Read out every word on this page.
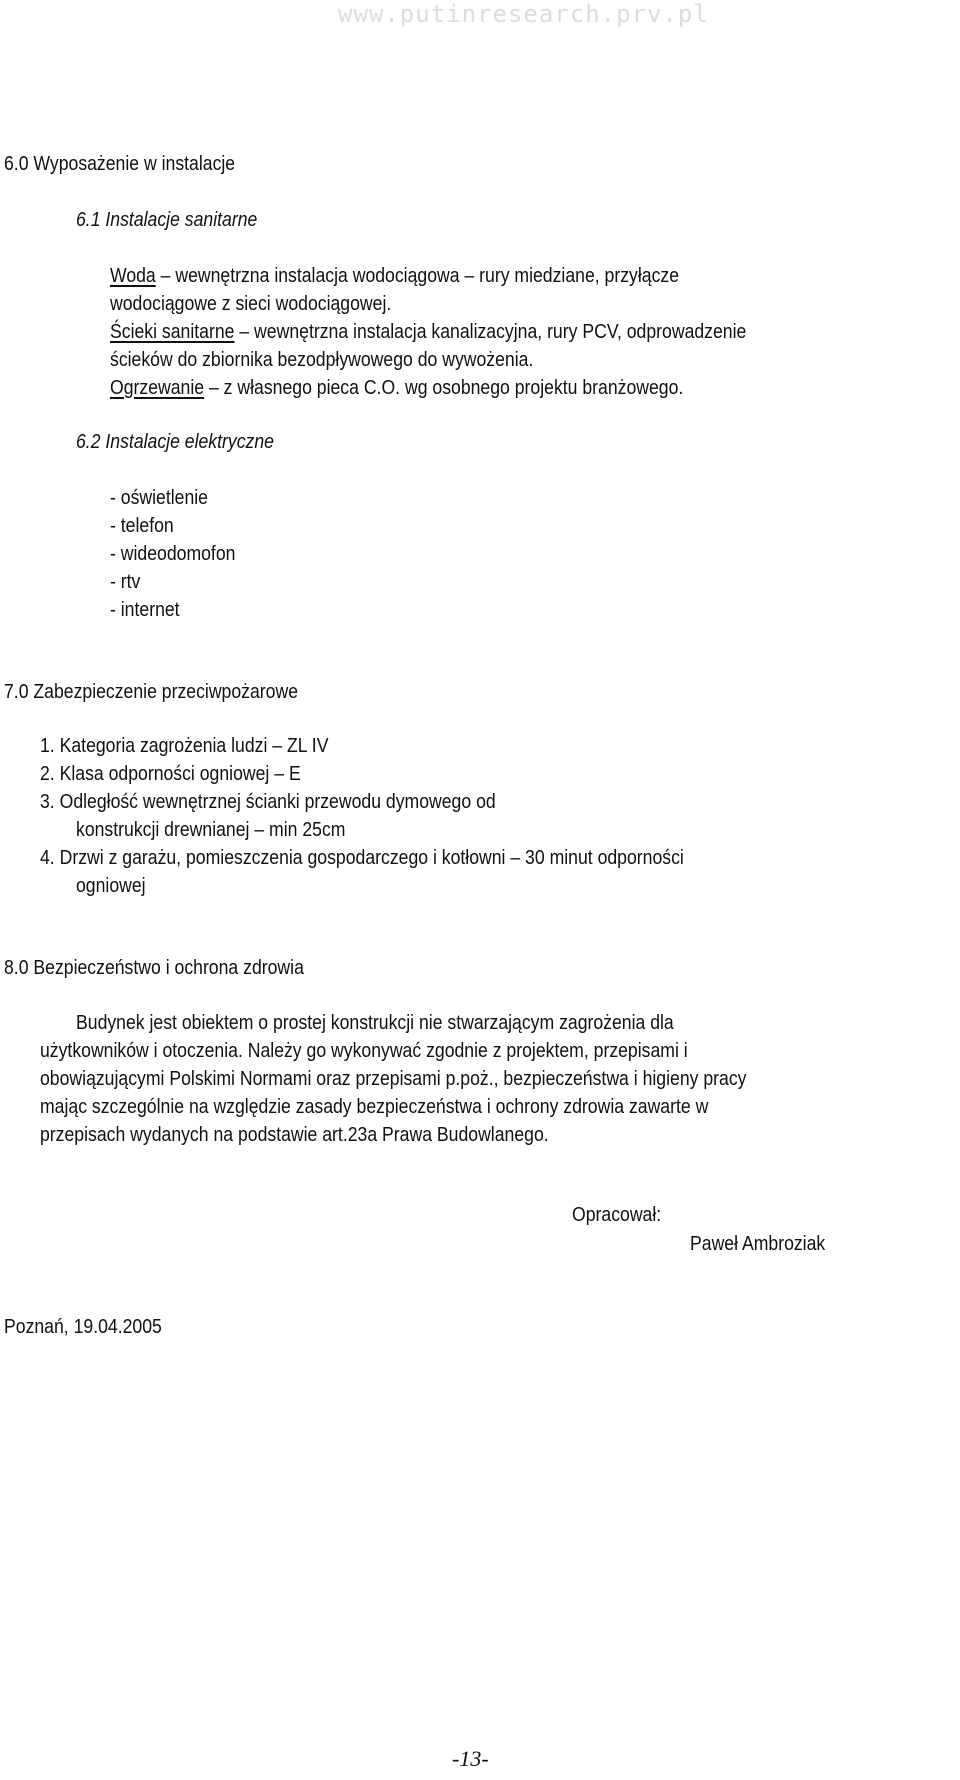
www.putinresearch.prv.pl
6.0 Wyposażenie w instalacje
6.1 Instalacje sanitarne
Woda – wewnętrzna instalacja wodociągowa – rury miedziane, przyłącze
wodociągowe z sieci wodociągowej.
Ścieki sanitarne – wewnętrzna instalacja kanalizacyjna, rury PCV, odprowadzenie
ścieków do zbiornika bezodpływowego do wywożenia.
Ogrzewanie – z własnego pieca C.O. wg osobnego projektu branżowego.
6.2 Instalacje elektryczne
- oświetlenie
- telefon
- wideodomofon
- rtv
- internet
7.0 Zabezpieczenie przeciwpożarowe
1. Kategoria zagrożenia ludzi – ZL IV
2. Klasa odporności ogniowej – E
3. Odległość wewnętrznej ścianki przewodu dymowego od
konstrukcji drewnianej – min 25cm
4. Drzwi z garażu, pomieszczenia gospodarczego i kotłowni – 30 minut odporności
ogniowej
8.0 Bezpieczeństwo i ochrona zdrowia
Budynek jest obiektem o prostej konstrukcji nie stwarzającym zagrożenia dla
użytkowników i otoczenia. Należy go wykonywać zgodnie z projektem, przepisami i
obowiązującymi Polskimi Normami oraz przepisami p.poż., bezpieczeństwa i higieny pracy
mając szczególnie na względzie zasady bezpieczeństwa i ochrony zdrowia zawarte w
przepisach wydanych na podstawie art.23a Prawa Budowlanego.
Opracował:
Paweł Ambroziak
Poznań, 19.04.2005
-13-
